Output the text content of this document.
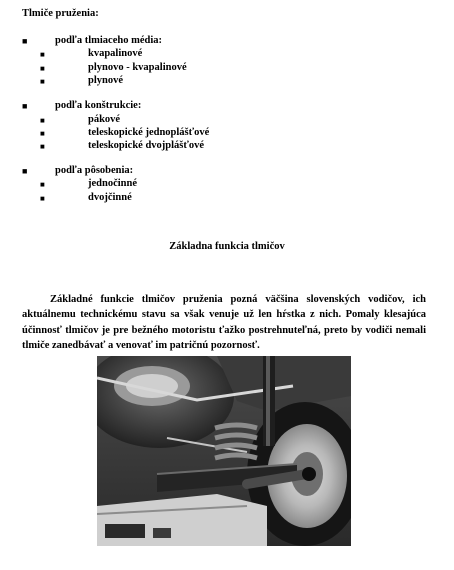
Tlmiče pruženia:
■	podľa tlmiaceho média:
■	kvapalinové
■	plynovo - kvapalinové
■	plynové
■	podľa konštrukcie:
■	pákové
■	teleskopické jednoplášťové
■	teleskopické dvojplášťové
■	podľa pôsobenia:
■	jednočinné
■	dvojčinné
Základna funkcia tlmičov
Základné funkcie tlmičov pruženia pozná väčšina slovenských vodičov, ich aktuálnemu technickému stavu sa však venuje už len hŕstka z nich. Pomaly klesajúca účinnosť tlmičov je pre bežného motoristu ťažko postrehnuteľná, preto by vodiči nemali tlmiče zanedbávať a venovať im patričnú pozornosť.
